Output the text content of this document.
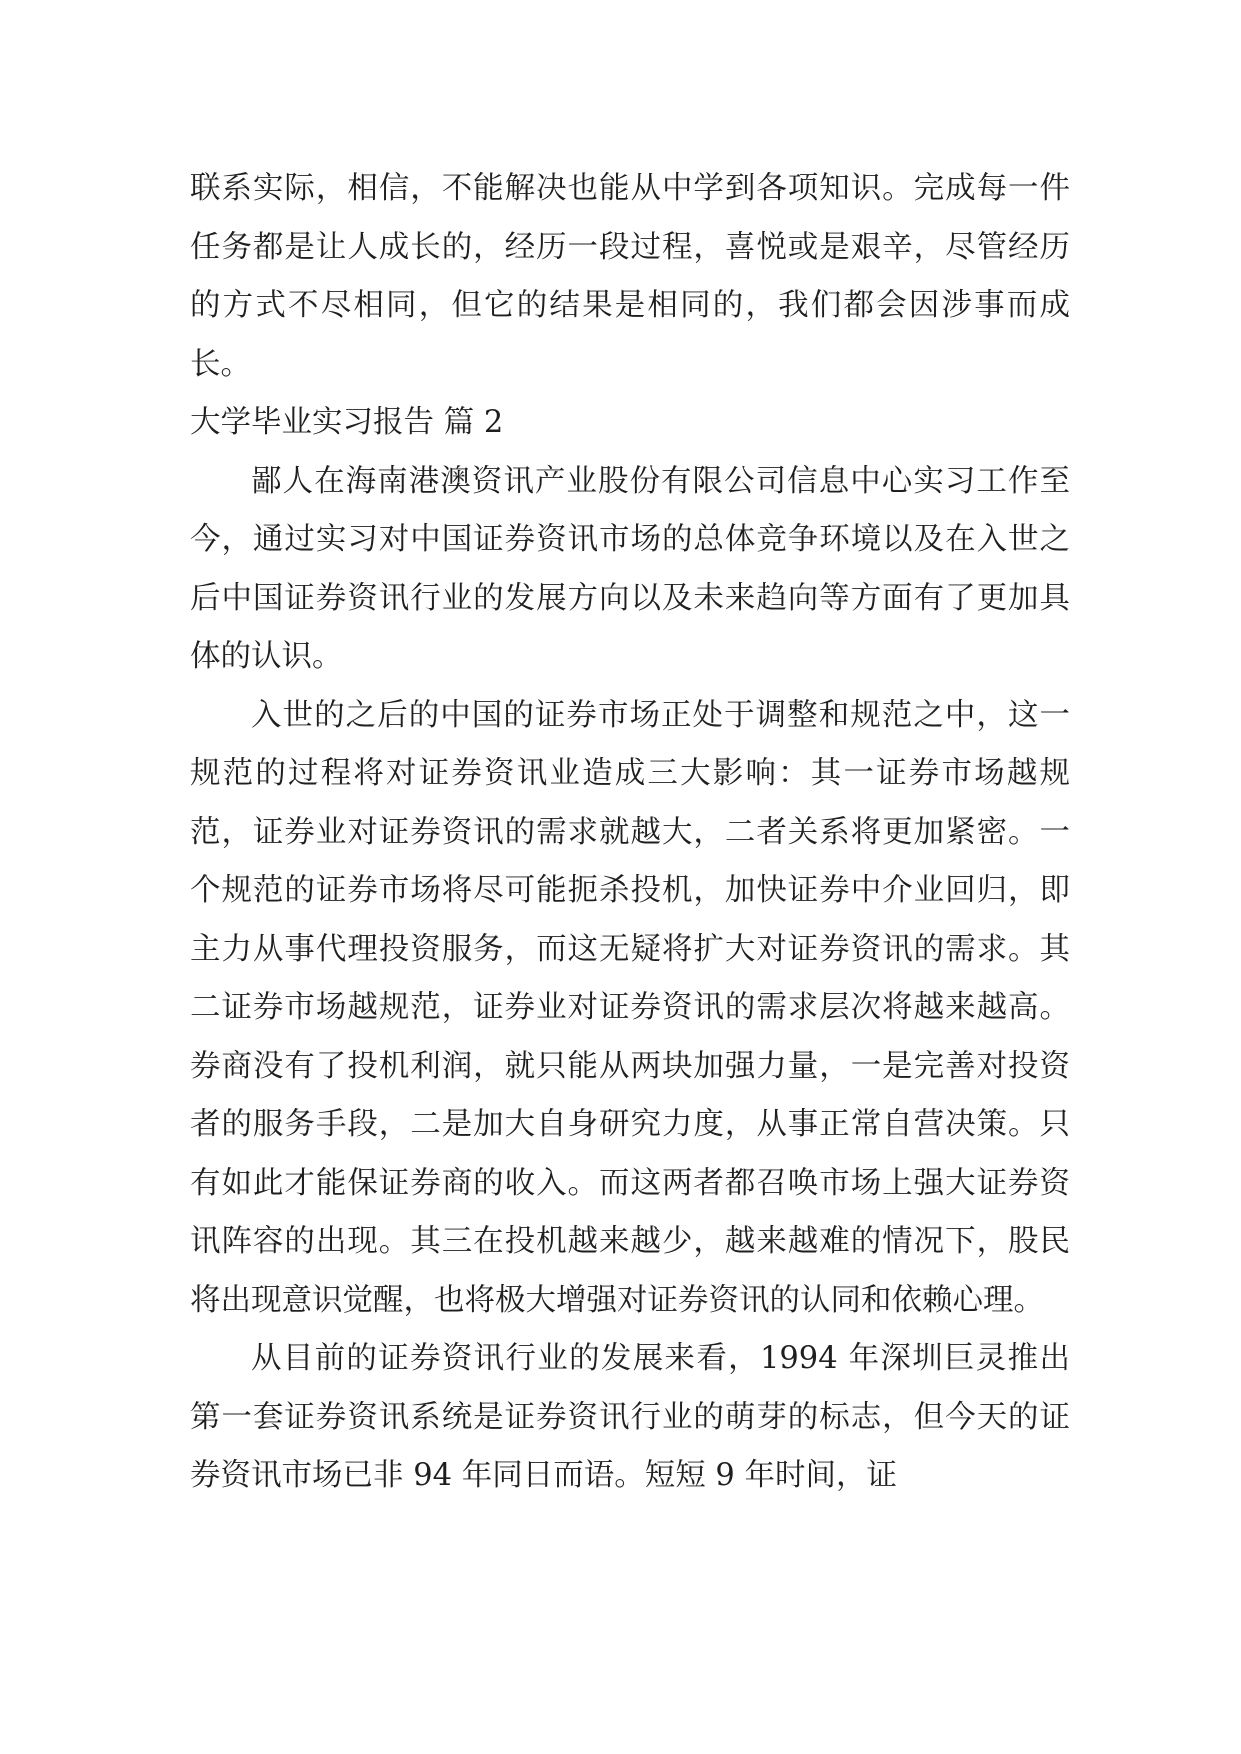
联系实际，相信，不能解决也能从中学到各项知识。完成每一件任务都是让人成长的，经历一段过程，喜悦或是艰辛，尽管经历的方式不尽相同，但它的结果是相同的，我们都会因涉事而成长。

大学毕业实习报告 篇 2

鄙人在海南港澳资讯产业股份有限公司信息中心实习工作至今，通过实习对中国证券资讯市场的总体竞争环境以及在入世之后中国证券资讯行业的发展方向以及未来趋向等方面有了更加具体的认识。

入世的之后的中国的证券市场正处于调整和规范之中，这一规范的过程将对证券资讯业造成三大影响：其一证券市场越规范，证券业对证券资讯的需求就越大，二者关系将更加紧密。一个规范的证券市场将尽可能扼杀投机，加快证券中介业回归，即主力从事代理投资服务，而这无疑将扩大对证券资讯的需求。其二证券市场越规范，证券业对证券资讯的需求层次将越来越高。券商没有了投机利润，就只能从两块加强力量，一是完善对投资者的服务手段，二是加大自身研究力度，从事正常自营决策。只有如此才能保证券商的收入。而这两者都召唤市场上强大证券资讯阵容的出现。其三在投机越来越少，越来越难的情况下，股民将出现意识觉醒，也将极大增强对证券资讯的认同和依赖心理。

从目前的证券资讯行业的发展来看，1994 年深圳巨灵推出第一套证券资讯系统是证券资讯行业的萌芽的标志，但今天的证券资讯市场已非 94 年同日而语。短短 9 年时间，证
